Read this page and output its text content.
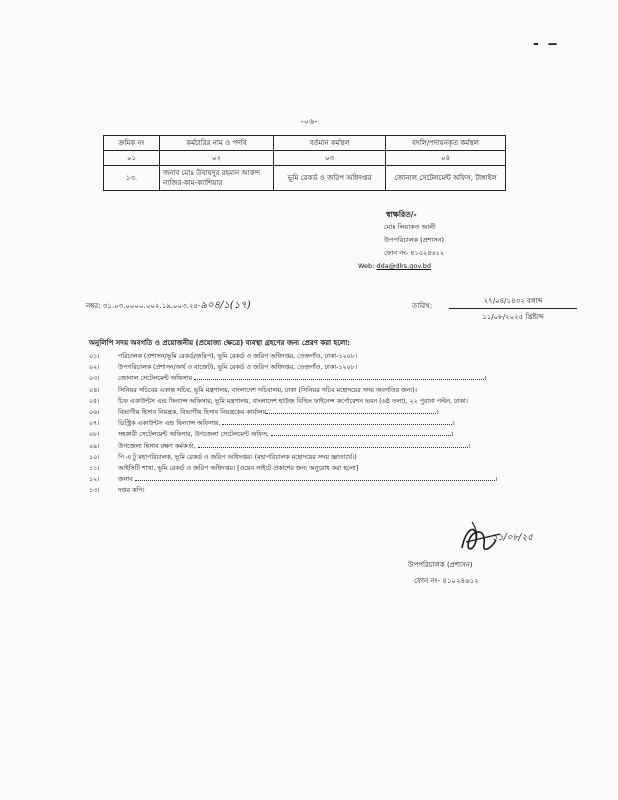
- ‒
-০৬-
ক্রমিক নং	কর্মচারির নাম ও পদবি	বর্তমান কর্মস্থল	বদলি/পদায়নকৃত কর্মস্থল
০১	০২	০৩	০৪
১৩.	জনাব মোঃ উবায়দুর রহমান আকন্দ নাজির-কাম-ক্যাশিয়ার	ভূমি রেকর্ড ও জরিপ অধিদপ্তর	জোনাল সেটেলমেন্ট অফিস, টাঙ্গাইল
স্বাক্ষরিত/-
মোঃ লিয়াকত আলী
উপপরিচালক (প্রশাসন)
ফোন নং- ৪১০২৪৬১২
Web: dda@dlrs.gov.bd
নম্বর: ৩১.০৩.০০০০.০০২.১৯.০০৩.২৫-৯০৪/১(১৭)	তারিখ:
২৭/০৪/১৪৩২ বঙ্গাব্দ
১১/০৮/২০২৫ খ্রিষ্টাব্দ
অনুলিপি সদয় অবগতি ও প্রয়োজনীয় (প্রযোজ্য ক্ষেত্রে) ব্যবস্থা গ্রহণের জন্য প্রেরণ করা হলো:
০১।	পরিচালক (প্রশাসন/ভূমি রেকর্ড/জরিপ), ভূমি রেকর্ড ও জরিপ অধিদপ্তর, তেজগাঁও, ঢাকা-১২০৮।
০২।	উপপরিচালক (প্রশাসন/অর্থ ও বাজেট), ভূমি রেকর্ড ও জরিপ অধিদপ্তর, তেজগাঁও, ঢাকা-১২০৮।
০৩।	জোনাল সেটেলমেন্ট অফিসার	।
০৪।	সিনিয়র সচিবের একান্ত সচিব, ভূমি মন্ত্রণালয়, বাংলাদেশ সচিবালয়, ঢাকা (সিনিয়র সচিব মহোদয়ের সদয় অবগতির জন্য)।
০৫।	চিফ একাউন্টস এন্ড ফিন্যান্স অফিসার, ভূমি মন্ত্রণালয়, বাংলাদেশ হাউজ বিল্ডিং ফাইনেন্স কর্পোরেশন ভবন (৬ষ্ঠ তলা), ২২ পুরানা পল্টন, ঢাকা।
০৬।	বিভাগীয় হিসাব নিয়ন্ত্রক, বিভাগীয় হিসাব নিয়ন্ত্রকের কার্যালয়	।
০৭।	ডিস্ট্রিক একাউন্টস এন্ড ফিন্যান্স অফিসার,	।
০৮।	সহকারী সেটেলমেন্ট অফিসার, উপজেলা সেটেলমেন্ট অফিস,	।
০৯।	উপজেলা হিসাব রক্ষণ কর্মকর্তা,	।
১০।	পি এ টু মহাপরিচালক, ভূমি রেকর্ড ও জরিপ অধিদপ্তর। (মহাপরিচালক মহোদয়ের সদয় জ্ঞাতার্থে।)
১১।	আইসিটি শাখা, ভূমি রেকর্ড ও জরিপ অধিদপ্তর। [ওয়েব সাইটে প্রকাশের জন্য অনুরোধ করা হলো]
১২।	জনাব	।
১৩।	দপ্তর কপি।
১১/০৮/২৫
উপপরিচালক (প্রশাসন)
ফোন নং- ৪১০২৪৬১২
